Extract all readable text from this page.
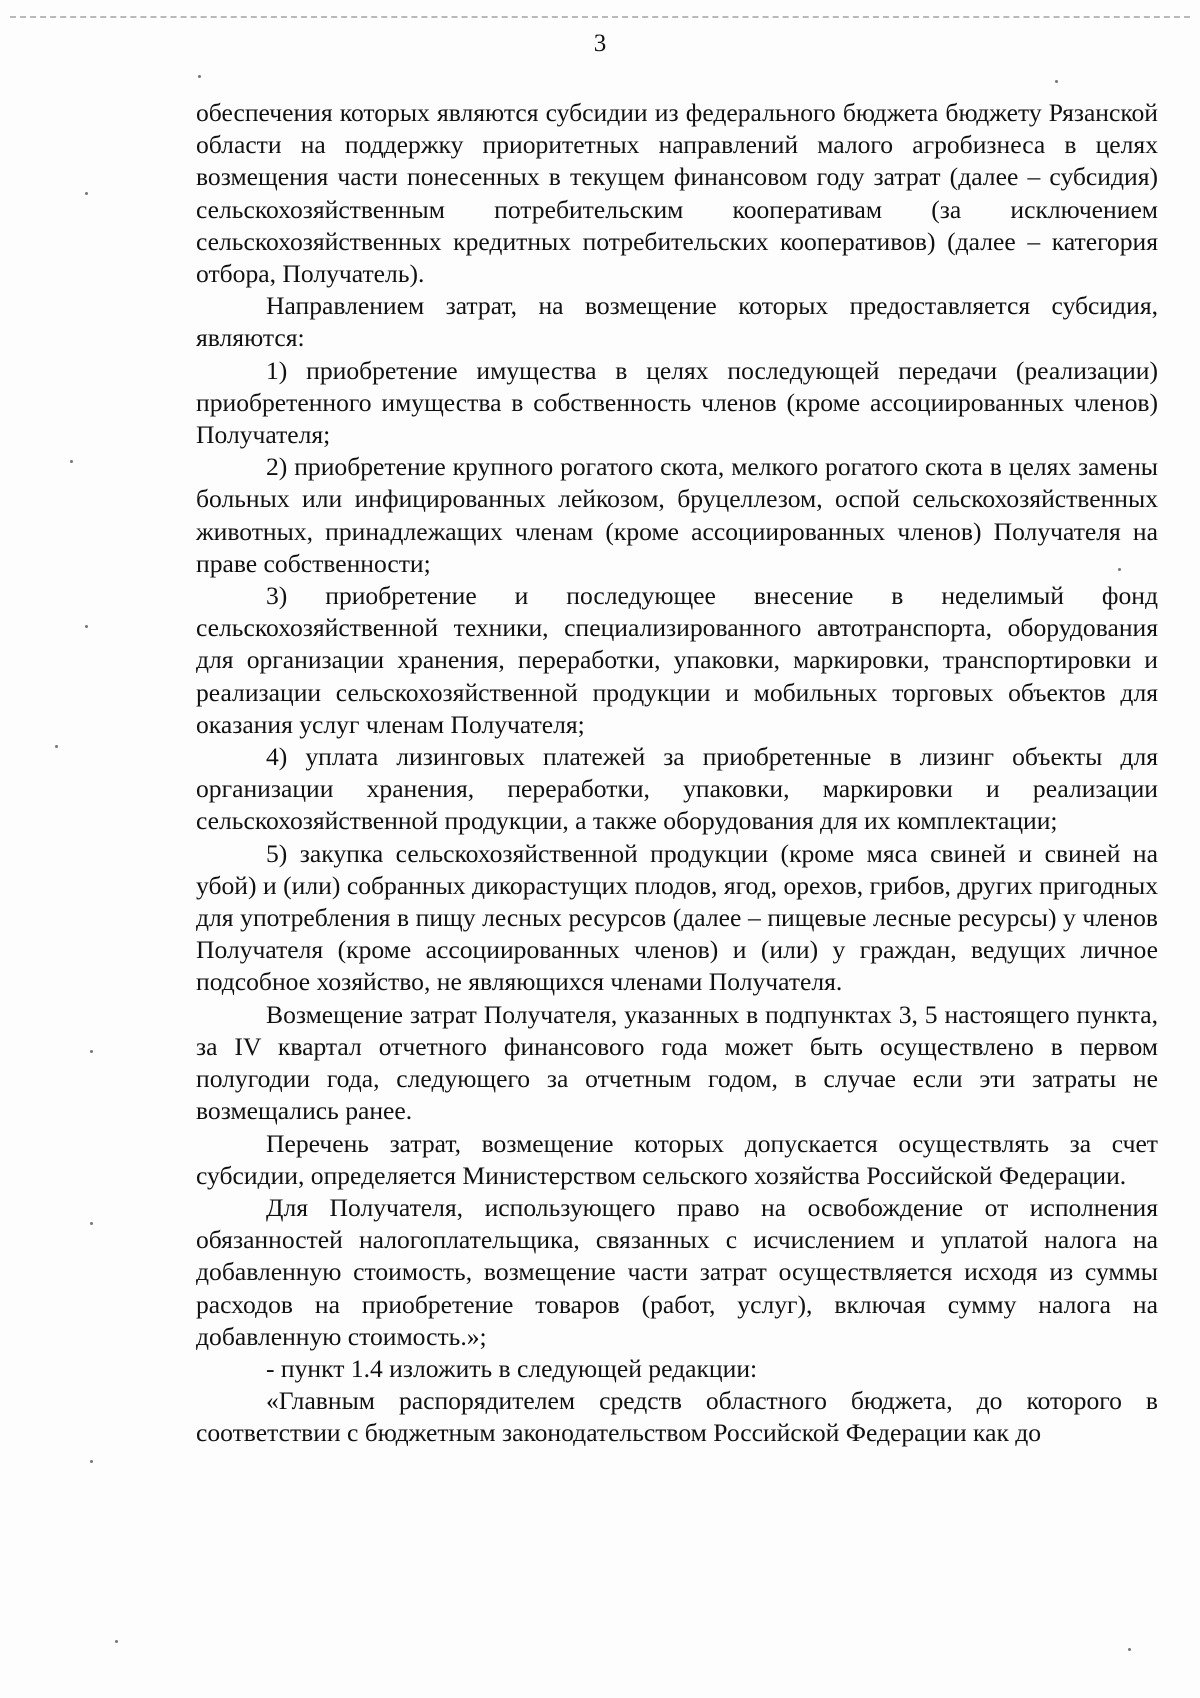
3

обеспечения которых являются субсидии из федерального бюджета бюджету Рязанской области на поддержку приоритетных направлений малого агробизнеса в целях возмещения части понесенных в текущем финансовом году затрат (далее – субсидия) сельскохозяйственным потребительским кооперативам (за исключением сельскохозяйственных кредитных потребительских кооперативов) (далее – категория отбора, Получатель).

Направлением затрат, на возмещение которых предоставляется субсидия, являются:

1) приобретение имущества в целях последующей передачи (реализации) приобретенного имущества в собственность членов (кроме ассоциированных членов) Получателя;

2) приобретение крупного рогатого скота, мелкого рогатого скота в целях замены больных или инфицированных лейкозом, бруцеллезом, оспой сельскохозяйственных животных, принадлежащих членам (кроме ассоциированных членов) Получателя на праве собственности;

3) приобретение и последующее внесение в неделимый фонд сельскохозяйственной техники, специализированного автотранспорта, оборудования для организации хранения, переработки, упаковки, маркировки, транспортировки и реализации сельскохозяйственной продукции и мобильных торговых объектов для оказания услуг членам Получателя;

4) уплата лизинговых платежей за приобретенные в лизинг объекты для организации хранения, переработки, упаковки, маркировки и реализации сельскохозяйственной продукции, а также оборудования для их комплектации;

5) закупка сельскохозяйственной продукции (кроме мяса свиней и свиней на убой) и (или) собранных дикорастущих плодов, ягод, орехов, грибов, других пригодных для употребления в пищу лесных ресурсов (далее – пищевые лесные ресурсы) у членов Получателя (кроме ассоциированных членов) и (или) у граждан, ведущих личное подсобное хозяйство, не являющихся членами Получателя.

Возмещение затрат Получателя, указанных в подпунктах 3, 5 настоящего пункта, за IV квартал отчетного финансового года может быть осуществлено в первом полугодии года, следующего за отчетным годом, в случае если эти затраты не возмещались ранее.

Перечень затрат, возмещение которых допускается осуществлять за счет субсидии, определяется Министерством сельского хозяйства Российской Федерации.

Для Получателя, использующего право на освобождение от исполнения обязанностей налогоплательщика, связанных с исчислением и уплатой налога на добавленную стоимость, возмещение части затрат осуществляется исходя из суммы расходов на приобретение товаров (работ, услуг), включая сумму налога на добавленную стоимость.»;

- пункт 1.4 изложить в следующей редакции:

«Главным распорядителем средств областного бюджета, до которого в соответствии с бюджетным законодательством Российской Федерации как до
